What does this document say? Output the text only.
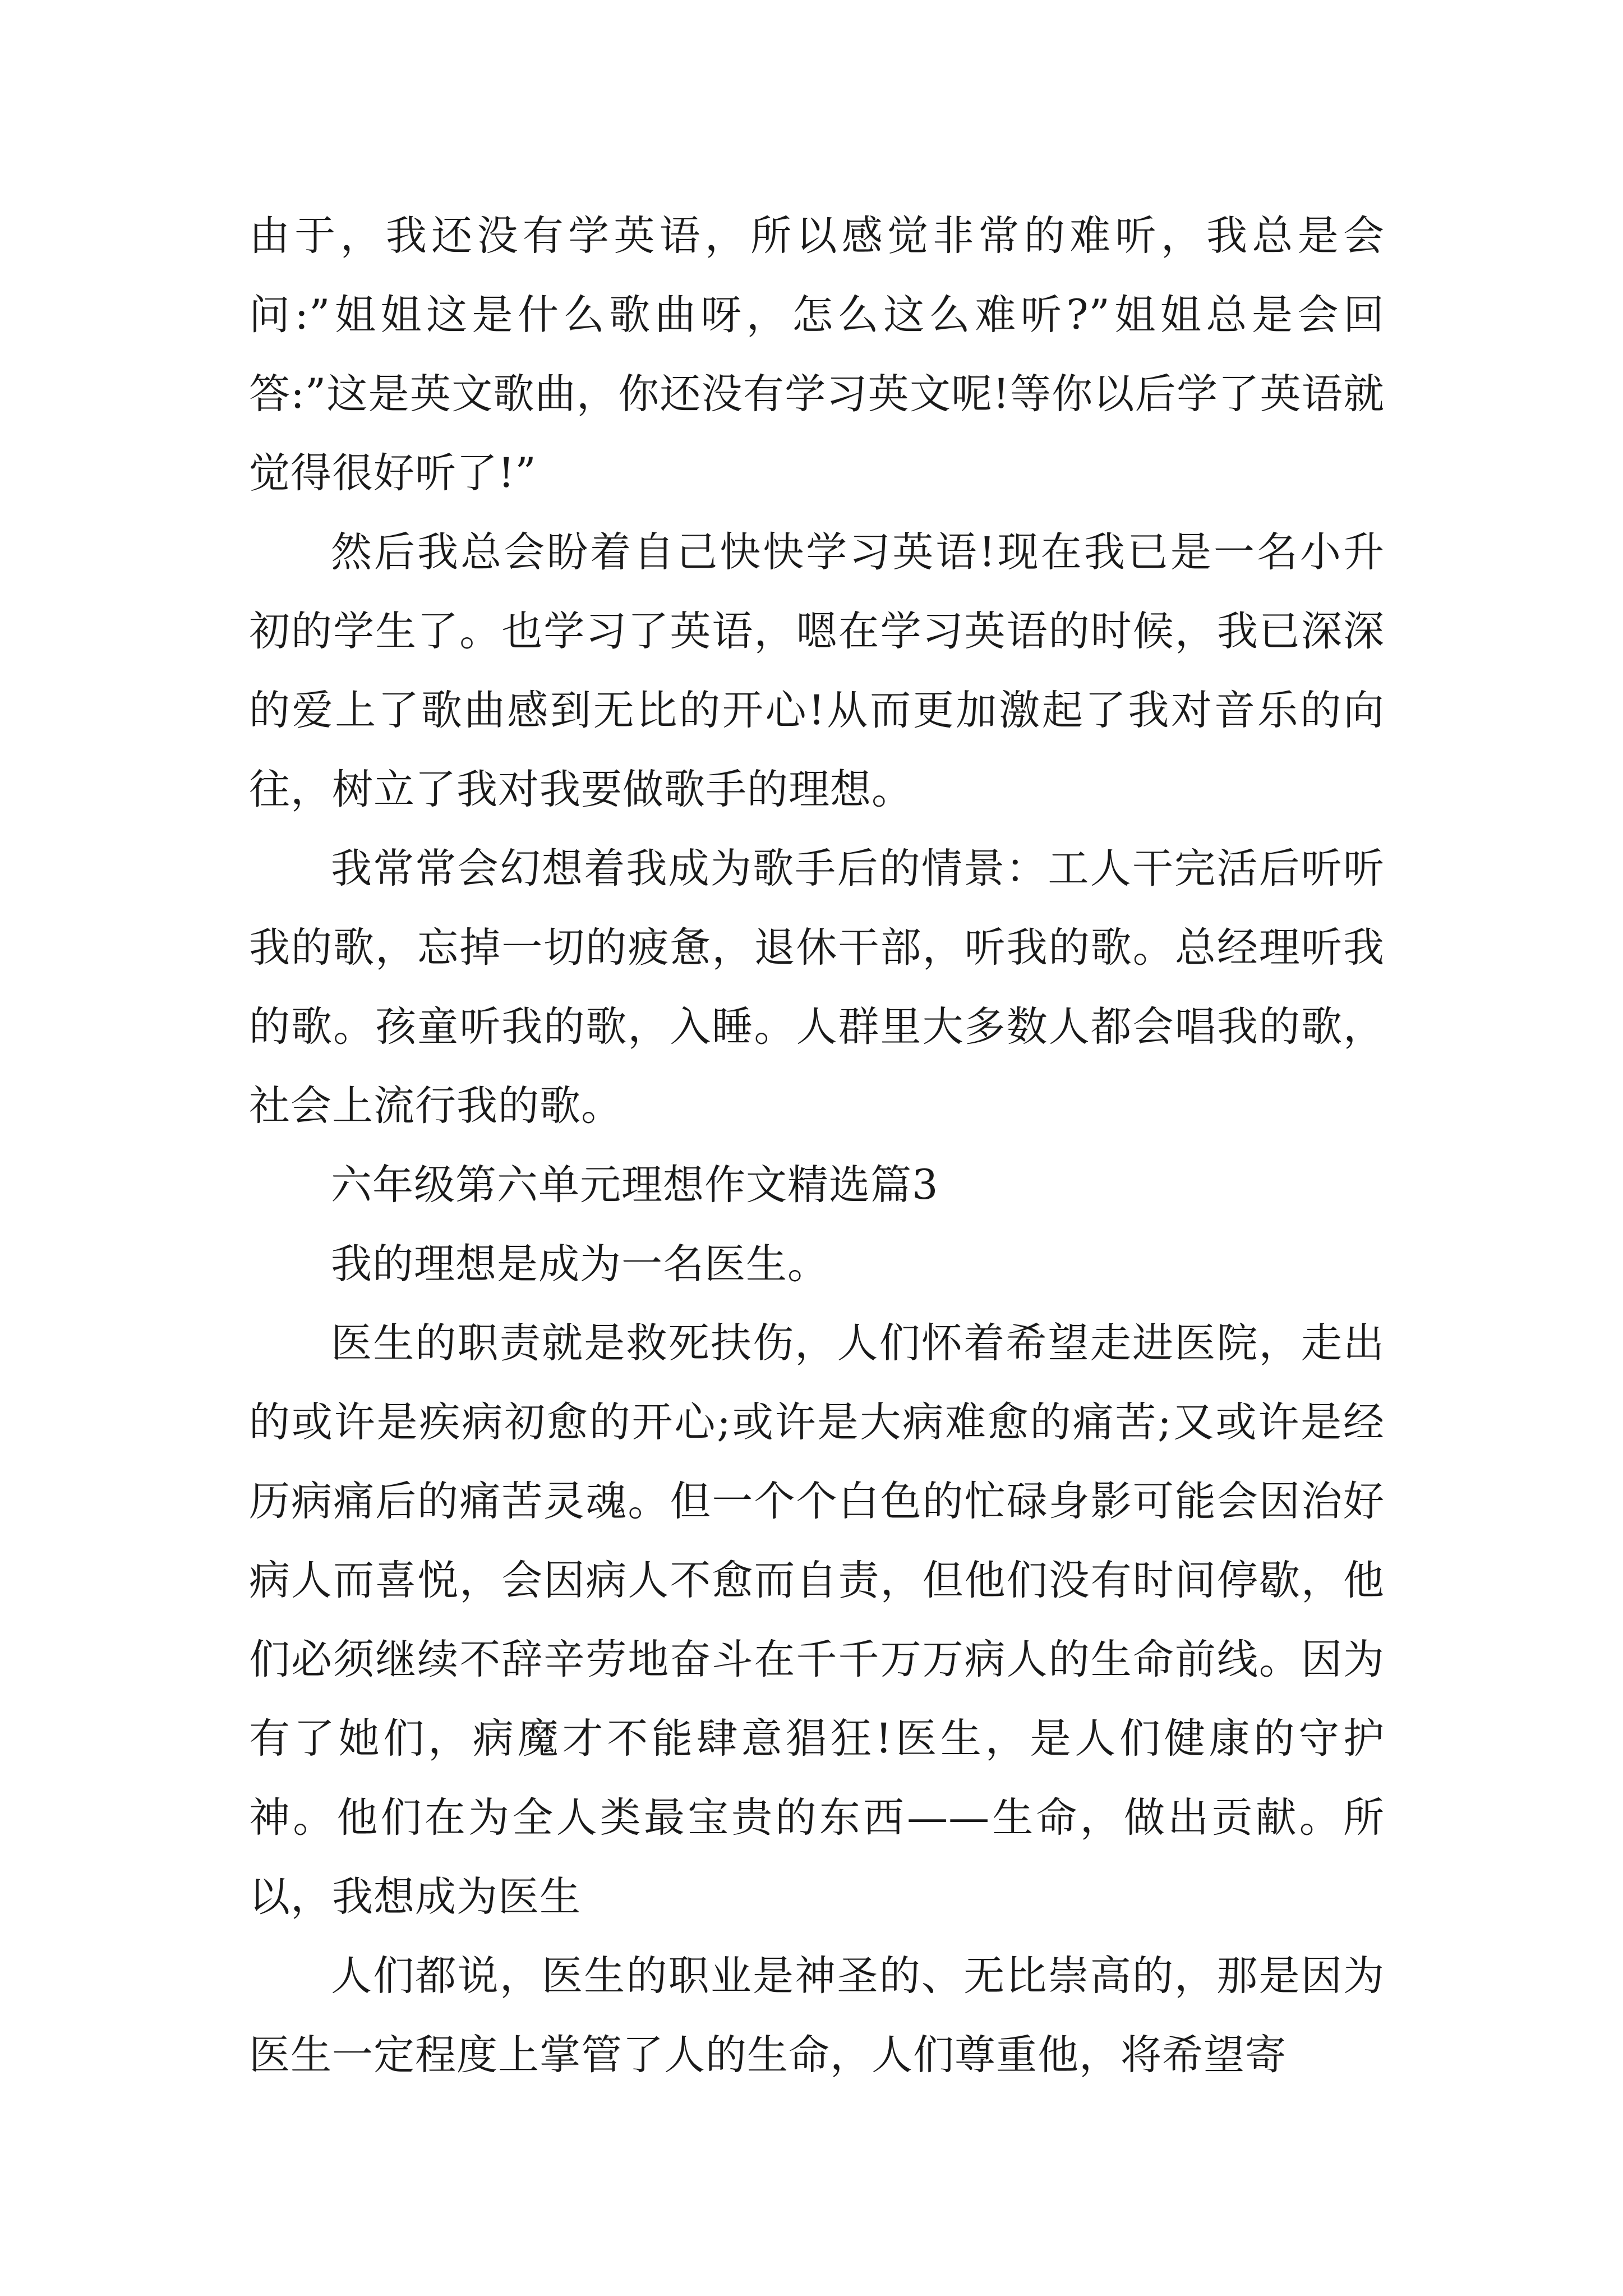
由于，我还没有学英语，所以感觉非常的难听，我总是会问:”姐姐这是什么歌曲呀，怎么这么难听?”姐姐总是会回答:”这是英文歌曲，你还没有学习英文呢!等你以后学了英语就觉得很好听了!”

然后我总会盼着自己快快学习英语!现在我已是一名小升初的学生了。也学习了英语，嗯在学习英语的时候，我已深深的爱上了歌曲感到无比的开心!从而更加激起了我对音乐的向往，树立了我对我要做歌手的理想。

我常常会幻想着我成为歌手后的情景：工人干完活后听听我的歌，忘掉一切的疲惫，退休干部，听我的歌。总经理听我的歌。孩童听我的歌，入睡。人群里大多数人都会唱我的歌，社会上流行我的歌。

六年级第六单元理想作文精选篇3

我的理想是成为一名医生。

医生的职责就是救死扶伤，人们怀着希望走进医院，走出的或许是疾病初愈的开心;或许是大病难愈的痛苦;又或许是经历病痛后的痛苦灵魂。但一个个白色的忙碌身影可能会因治好病人而喜悦，会因病人不愈而自责，但他们没有时间停歇，他们必须继续不辞辛劳地奋斗在千千万万病人的生命前线。因为有了她们，病魔才不能肆意猖狂!医生，是人们健康的守护神。他们在为全人类最宝贵的东西——生命，做出贡献。所以，我想成为医生

人们都说，医生的职业是神圣的、无比崇高的，那是因为医生一定程度上掌管了人的生命，人们尊重他，将希望寄
